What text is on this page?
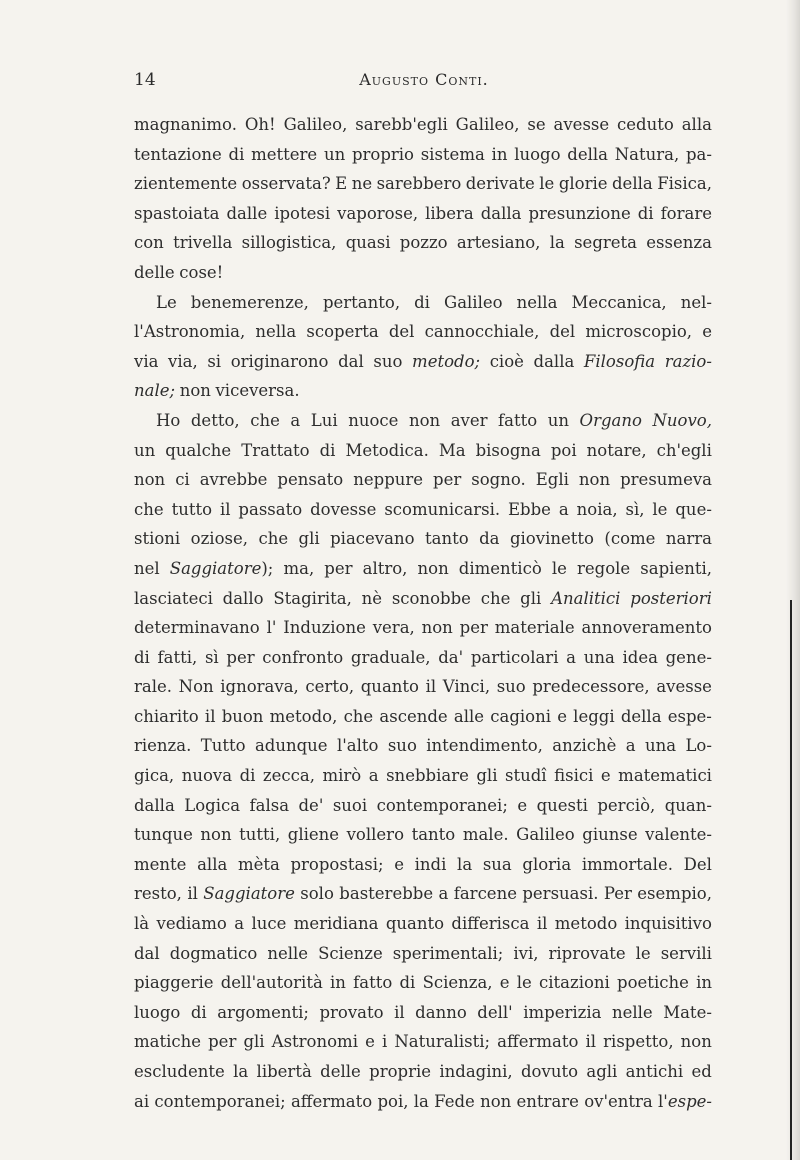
14	Augusto Conti.
magnanimo. Oh! Galileo, sarebb'egli Galileo, se avesse ceduto alla
tentazione di mettere un proprio sistema in luogo della Natura, pa-
zientemente osservata? E ne sarebbero derivate le glorie della Fisica,
spastoiata dalle ipotesi vaporose, libera dalla presunzione di forare
con trivella sillogistica, quasi pozzo artesiano, la segreta essenza
delle cose!
Le benemerenze, pertanto, di Galileo nella Meccanica, nel-
l'Astronomia, nella scoperta del cannocchiale, del microscopio, e
via via, si originarono dal suo metodo; cioè dalla Filosofia razio-
nale; non viceversa.
Ho detto, che a Lui nuoce non aver fatto un Organo Nuovo,
un qualche Trattato di Metodica. Ma bisogna poi notare, ch'egli
non ci avrebbe pensato neppure per sogno. Egli non presumeva
che tutto il passato dovesse scomunicarsi. Ebbe a noia, sì, le que-
stioni oziose, che gli piacevano tanto da giovinetto (come narra
nel Saggiatore); ma, per altro, non dimenticò le regole sapienti,
lasciateci dallo Stagirita, nè sconobbe che gli Analitici posteriori
determinavano l' Induzione vera, non per materiale annoveramento
di fatti, sì per confronto graduale, da' particolari a una idea gene-
rale. Non ignorava, certo, quanto il Vinci, suo predecessore, avesse
chiarito il buon metodo, che ascende alle cagioni e leggi della espe-
rienza. Tutto adunque l'alto suo intendimento, anzichè a una Lo-
gica, nuova di zecca, mirò a snebbiare gli studî fisici e matematici
dalla Logica falsa de' suoi contemporanei; e questi perciò, quan-
tunque non tutti, gliene vollero tanto male. Galileo giunse valente-
mente alla mèta propostasi; e indi la sua gloria immortale. Del
resto, il Saggiatore solo basterebbe a farcene persuasi. Per esempio,
là vediamo a luce meridiana quanto differisca il metodo inquisitivo
dal dogmatico nelle Scienze sperimentali; ivi, riprovate le servili
piaggerie dell'autorità in fatto di Scienza, e le citazioni poetiche in
luogo di argomenti; provato il danno dell' imperizia nelle Mate-
matiche per gli Astronomi e i Naturalisti; affermato il rispetto, non
escludente la libertà delle proprie indagini, dovuto agli antichi ed
ai contemporanei; affermato poi, la Fede non entrare ov'entra l'espe-
